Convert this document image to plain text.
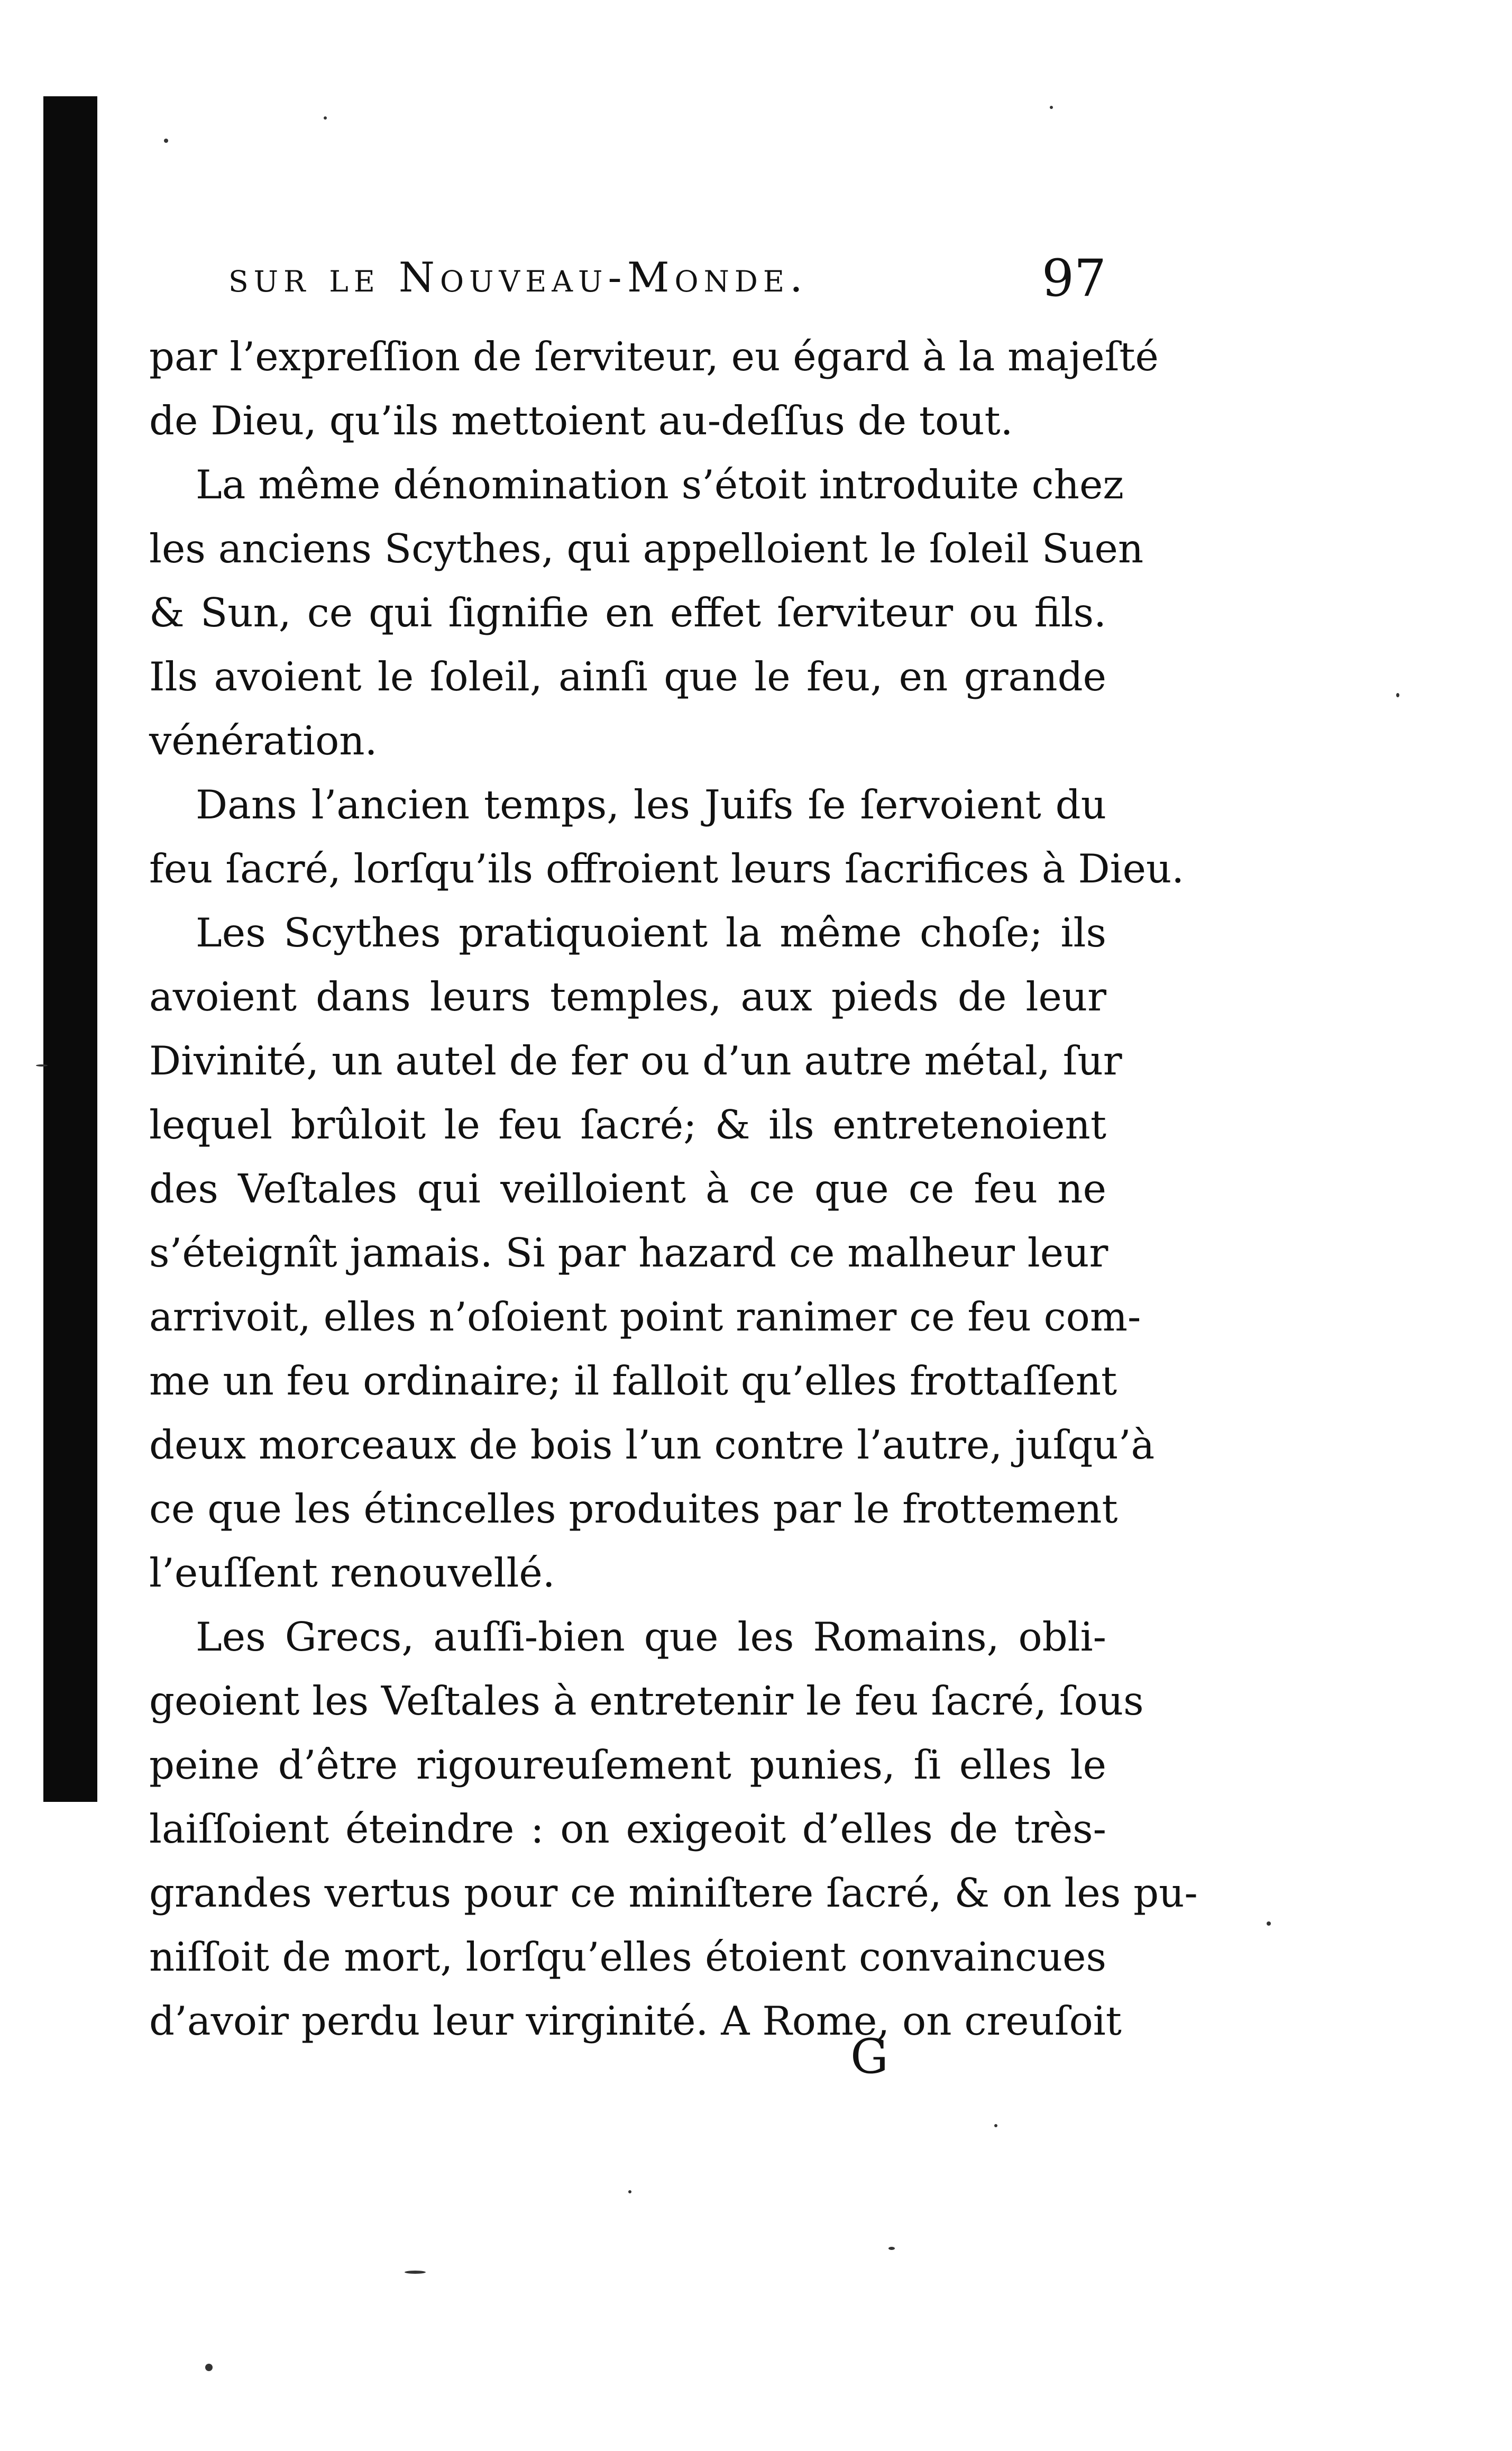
sur le Nouveau-Monde.	97
par l’expreſſion de ſerviteur, eu égard à la majeſté
de Dieu, qu’ils mettoient au-deſſus de tout.
La même dénomination s’étoit introduite chez
les anciens Scythes, qui appelloient le ſoleil Suen
& Sun, ce qui ſignifie en effet ſerviteur ou fils.
Ils avoient le ſoleil, ainſi que le feu, en grande
vénération.
Dans l’ancien temps, les Juifs ſe ſervoient du
feu ſacré, lorſqu’ils offroient leurs ſacrifices à Dieu.
Les Scythes pratiquoient la même choſe; ils
avoient dans leurs temples, aux pieds de leur
Divinité, un autel de fer ou d’un autre métal, ſur
lequel brûloit le feu ſacré; & ils entretenoient
des Veſtales qui veilloient à ce que ce feu ne
s’éteignît jamais. Si par hazard ce malheur leur
arrivoit, elles n’oſoient point ranimer ce feu com-
me un feu ordinaire; il falloit qu’elles frottaſſent
deux morceaux de bois l’un contre l’autre, juſqu’à
ce que les étincelles produites par le frottement
l’euſſent renouvellé.
Les Grecs, auſſi-bien que les Romains, obli-
geoient les Veſtales à entretenir le feu ſacré, ſous
peine d’être rigoureuſement punies, ſi elles le
laiſſoient éteindre : on exigeoit d’elles de très-
grandes vertus pour ce miniſtere ſacré, & on les pu-
niſſoit de mort, lorſqu’elles étoient convaincues
d’avoir perdu leur virginité. A Rome, on creuſoit
G
